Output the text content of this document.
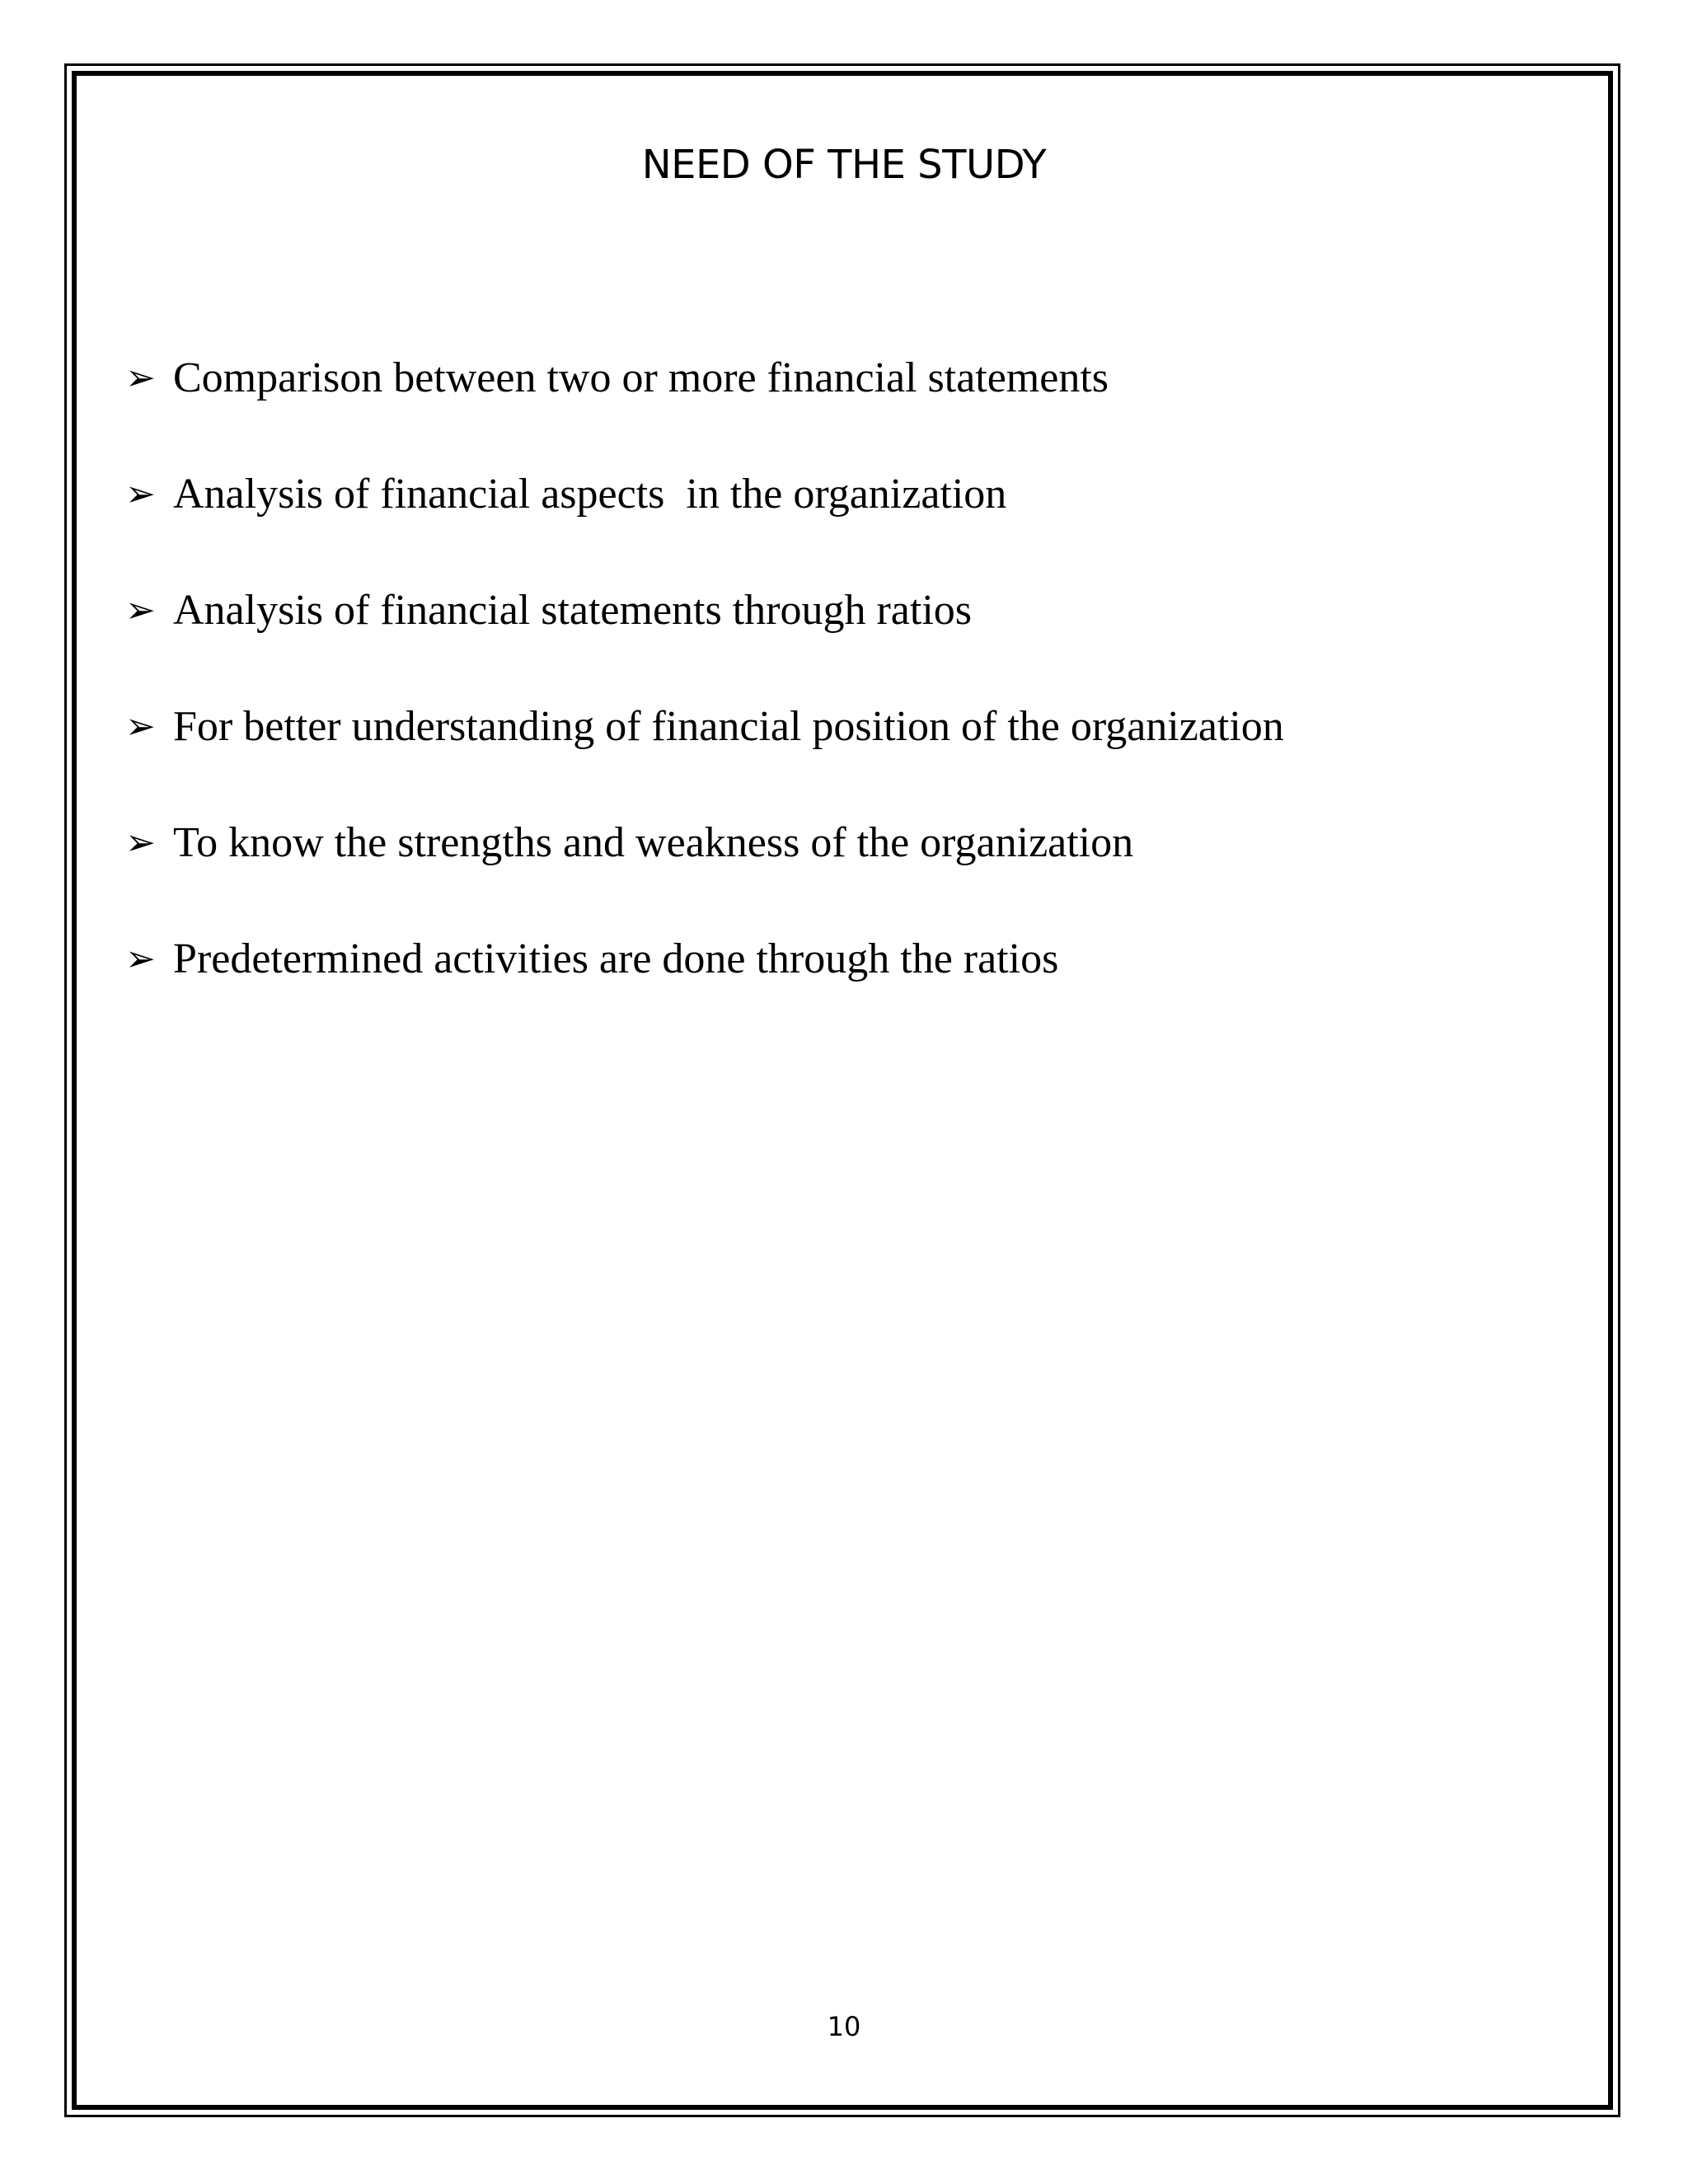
NEED OF THE STUDY
➢ Comparison between two or more financial statements
➢ Analysis of financial aspects  in the organization
➢ Analysis of financial statements through ratios
➢ For better understanding of financial position of the organization
➢ To know the strengths and weakness of the organization
➢ Predetermined activities are done through the ratios
10
